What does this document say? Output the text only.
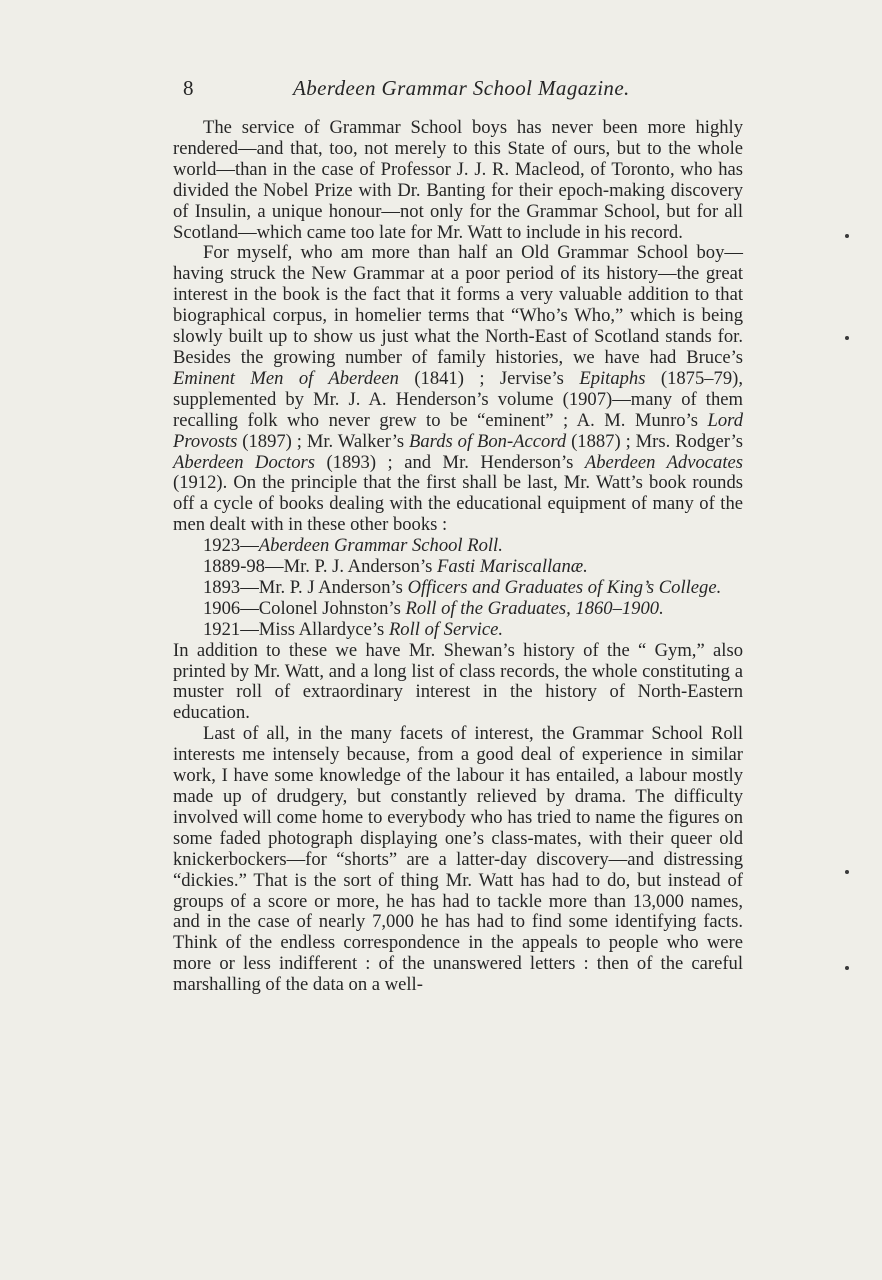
8	Aberdeen Grammar School Magazine.

The service of Grammar School boys has never been more highly rendered—and that, too, not merely to this State of ours, but to the whole world—than in the case of Professor J. J. R. Macleod, of Toronto, who has divided the Nobel Prize with Dr. Banting for their epoch-making discovery of Insulin, a unique honour—not only for the Grammar School, but for all Scotland—which came too late for Mr. Watt to include in his record.

For myself, who am more than half an Old Grammar School boy—having struck the New Grammar at a poor period of its history—the great interest in the book is the fact that it forms a very valuable addition to that biographical corpus, in homelier terms that “Who’s Who,” which is being slowly built up to show us just what the North-East of Scotland stands for. Besides the growing number of family histories, we have had Bruce’s Eminent Men of Aberdeen (1841) ; Jervise’s Epitaphs (1875–79), supplemented by Mr. J. A. Henderson’s volume (1907)—many of them recalling folk who never grew to be “eminent” ; A. M. Munro’s Lord Provosts (1897) ; Mr. Walker’s Bards of Bon-Accord (1887) ; Mrs. Rodger’s Aberdeen Doctors (1893) ; and Mr. Henderson’s Aberdeen Advocates (1912). On the principle that the first shall be last, Mr. Watt’s book rounds off a cycle of books dealing with the educational equipment of many of the men dealt with in these other books :

1923—Aberdeen Grammar School Roll.
1889-98—Mr. P. J. Anderson’s Fasti Mariscallanæ.
1893—Mr. P. J Anderson’s Officers and Graduates of King’s College.
1906—Colonel Johnston’s Roll of the Graduates, 1860–1900.
1921—Miss Allardyce’s Roll of Service.

In addition to these we have Mr. Shewan’s history of the “ Gym,” also printed by Mr. Watt, and a long list of class records, the whole constituting a muster roll of extraordinary interest in the history of North-Eastern education.

Last of all, in the many facets of interest, the Grammar School Roll interests me intensely because, from a good deal of experience in similar work, I have some knowledge of the labour it has entailed, a labour mostly made up of drudgery, but constantly relieved by drama. The difficulty involved will come home to everybody who has tried to name the figures on some faded photograph displaying one’s class-mates, with their queer old knickerbockers—for “shorts” are a latter-day discovery—and distressing “dickies.” That is the sort of thing Mr. Watt has had to do, but instead of groups of a score or more, he has had to tackle more than 13,000 names, and in the case of nearly 7,000 he has had to find some identifying facts. Think of the endless correspondence in the appeals to people who were more or less indifferent : of the unanswered letters : then of the careful marshalling of the data on a well-
